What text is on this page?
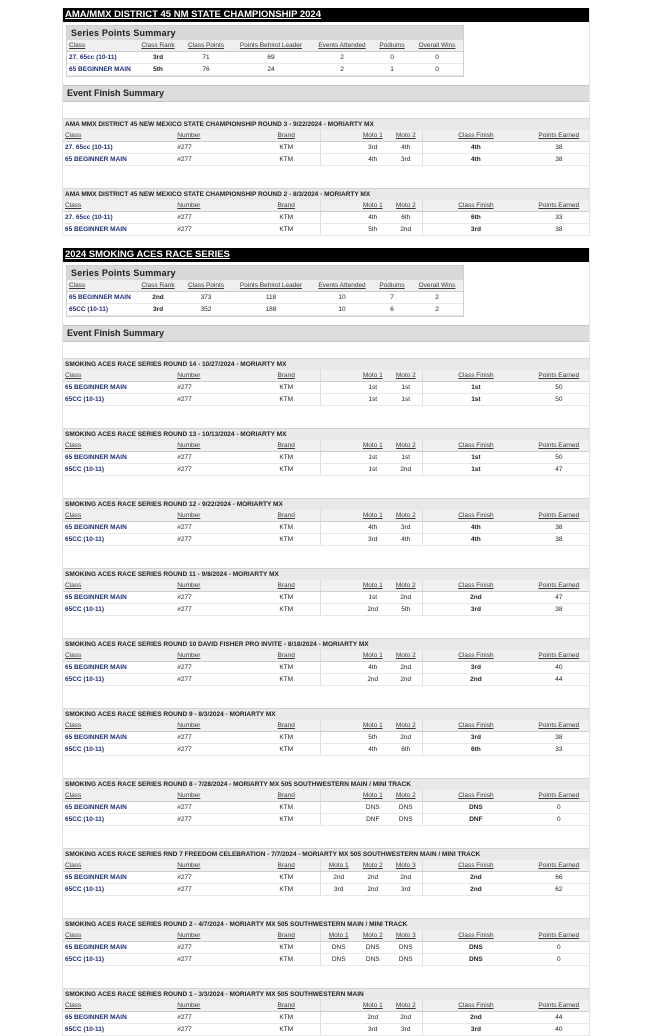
AMA/MMX DISTRICT 45 NM STATE CHAMPIONSHIP 2024
Series Points Summary
Class	Class Rank	Class Points	Points Behind Leader	Events Attended	Podiums	Overall Wins
27. 65cc (10-11)	3rd	71	69	2	0	0
65 BEGINNER MAIN	5th	76	24	2	1	0
Event Finish Summary
AMA MMX DISTRICT 45 NEW MEXICO STATE CHAMPIONSHIP ROUND 3 - 9/22/2024 - MORIARTY MX
Class	Number	Brand		Moto 1	Moto 2	Class Finish	Points Earned
27. 65cc (10-11)	#277	KTM		3rd	4th	4th	38
65 BEGINNER MAIN	#277	KTM		4th	3rd	4th	38
AMA MMX DISTRICT 45 NEW MEXICO STATE CHAMPIONSHIP ROUND 2 - 8/3/2024 - MORIARTY MX
Class	Number	Brand		Moto 1	Moto 2	Class Finish	Points Earned
27. 65cc (10-11)	#277	KTM		4th	6th	6th	33
65 BEGINNER MAIN	#277	KTM		5th	2nd	3rd	38
2024 SMOKING ACES RACE SERIES
Series Points Summary
Class	Class Rank	Class Points	Points Behind Leader	Events Attended	Podiums	Overall Wins
65 BEGINNER MAIN	2nd	373	118	10	7	2
65CC (10-11)	3rd	352	188	10	6	2
Event Finish Summary
SMOKING ACES RACE SERIES ROUND 14 - 10/27/2024 - MORIARTY MX
Class	Number	Brand		Moto 1	Moto 2	Class Finish	Points Earned
65 BEGINNER MAIN	#277	KTM		1st	1st	1st	50
65CC (10-11)	#277	KTM		1st	1st	1st	50
SMOKING ACES RACE SERIES ROUND 13 - 10/13/2024 - MORIARTY MX
Class	Number	Brand		Moto 1	Moto 2	Class Finish	Points Earned
65 BEGINNER MAIN	#277	KTM		1st	1st	1st	50
65CC (10-11)	#277	KTM		1st	2nd	1st	47
SMOKING ACES RACE SERIES ROUND 12 - 9/22/2024 - MORIARTY MX
Class	Number	Brand		Moto 1	Moto 2	Class Finish	Points Earned
65 BEGINNER MAIN	#277	KTM		4th	3rd	4th	38
65CC (10-11)	#277	KTM		3rd	4th	4th	38
SMOKING ACES RACE SERIES ROUND 11 - 9/8/2024 - MORIARTY MX
Class	Number	Brand		Moto 1	Moto 2	Class Finish	Points Earned
65 BEGINNER MAIN	#277	KTM		1st	2nd	2nd	47
65CC (10-11)	#277	KTM		2nd	5th	3rd	38
SMOKING ACES RACE SERIES ROUND 10 DAVID FISHER PRO INVITE - 8/18/2024 - MORIARTY MX
Class	Number	Brand		Moto 1	Moto 2	Class Finish	Points Earned
65 BEGINNER MAIN	#277	KTM		4th	2nd	3rd	40
65CC (10-11)	#277	KTM		2nd	2nd	2nd	44
SMOKING ACES RACE SERIES ROUND 9 - 8/3/2024 - MORIARTY MX
Class	Number	Brand		Moto 1	Moto 2	Class Finish	Points Earned
65 BEGINNER MAIN	#277	KTM		5th	2nd	3rd	38
65CC (10-11)	#277	KTM		4th	6th	6th	33
SMOKING ACES RACE SERIES ROUND 8 - 7/28/2024 - MORIARTY MX 505 SOUTHWESTERN MAIN / MINI TRACK
Class	Number	Brand		Moto 1	Moto 2	Class Finish	Points Earned
65 BEGINNER MAIN	#277	KTM		DNS	DNS	DNS	0
65CC (10-11)	#277	KTM		DNF	DNS	DNF	0
SMOKING ACES RACE SERIES RND 7 FREEDOM CELEBRATION - 7/7/2024 - MORIARTY MX 505 SOUTHWESTERN MAIN / MINI TRACK
Class	Number	Brand	Moto 1	Moto 2	Moto 3	Class Finish	Points Earned
65 BEGINNER MAIN	#277	KTM	2nd	2nd	2nd	2nd	66
65CC (10-11)	#277	KTM	3rd	2nd	3rd	2nd	62
SMOKING ACES RACE SERIES ROUND 2 - 4/7/2024 - MORIARTY MX 505 SOUTHWESTERN MAIN / MINI TRACK
Class	Number	Brand	Moto 1	Moto 2	Moto 3	Class Finish	Points Earned
65 BEGINNER MAIN	#277	KTM	DNS	DNS	DNS	DNS	0
65CC (10-11)	#277	KTM	DNS	DNS	DNS	DNS	0
SMOKING ACES RACE SERIES ROUND 1 - 3/3/2024 - MORIARTY MX 505 SOUTHWESTERN MAIN
Class	Number	Brand		Moto 1	Moto 2	Class Finish	Points Earned
65 BEGINNER MAIN	#277	KTM		2nd	2nd	2nd	44
65CC (10-11)	#277	KTM		3rd	3rd	3rd	40
